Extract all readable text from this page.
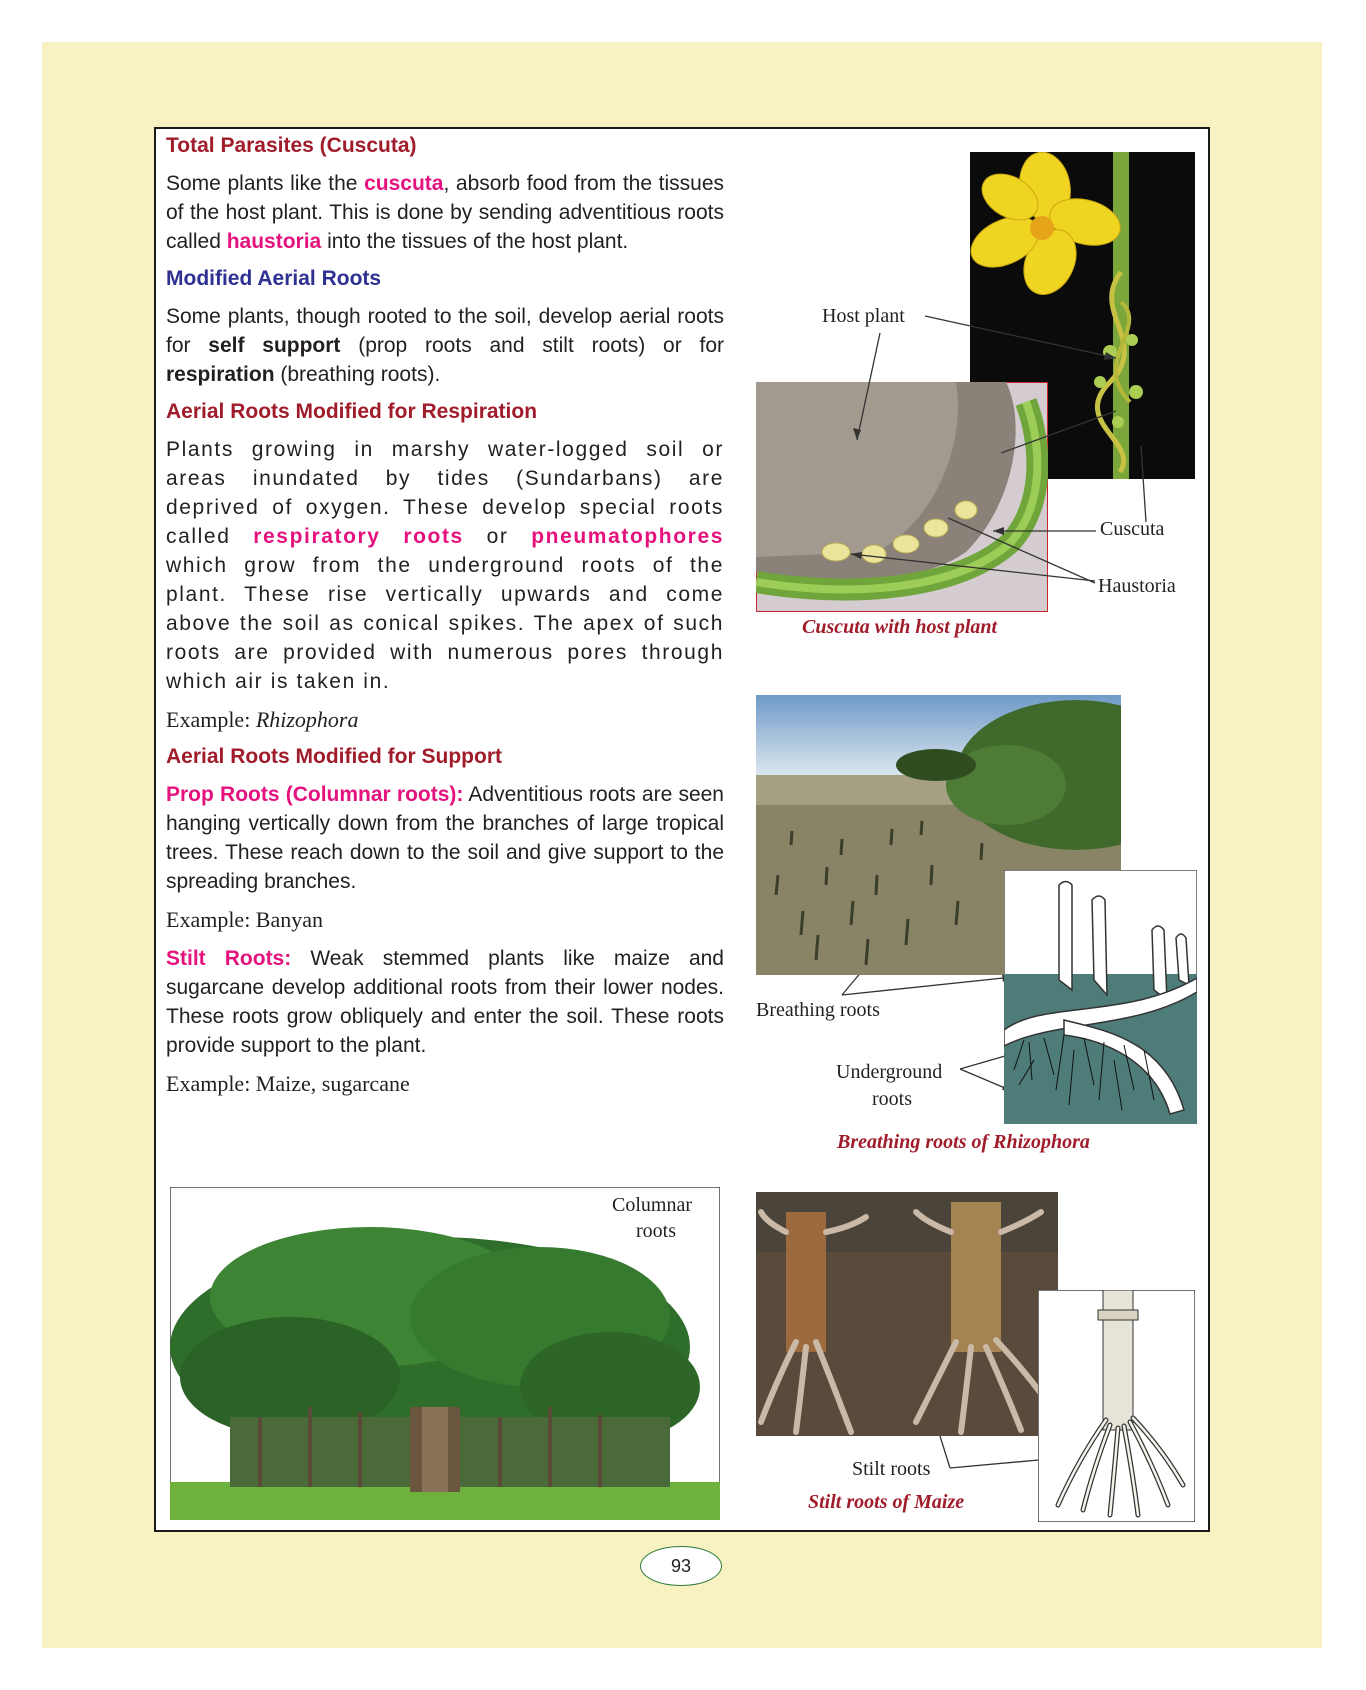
Total Parasites (Cuscuta)

Some plants like the cuscuta, absorb food from the tissues of the host plant. This is done by sending adventitious roots called haustoria into the tissues of the host plant.

Modified Aerial Roots

Some plants, though rooted to the soil, develop aerial roots for self support (prop roots and stilt roots) or for respiration (breathing roots).

Aerial Roots Modified for Respiration

Plants growing in marshy water-logged soil or areas inundated by tides (Sundarbans) are deprived of oxygen. These develop special roots called respiratory roots or pneumatophores which grow from the underground roots of the plant. These rise vertically upwards and come above the soil as conical spikes. The apex of such roots are provided with numerous pores through which air is taken in.

Example: Rhizophora

Aerial Roots Modified for Support

Prop Roots (Columnar roots): Adventitious roots are seen hanging vertically down from the branches of large tropical trees. These reach down to the soil and give support to the spreading branches.

Example: Banyan

Stilt Roots: Weak stemmed plants like maize and sugarcane develop additional roots from their lower nodes. These roots grow obliquely and enter the soil. These roots provide support to the plant.

Example: Maize, sugarcane

Host plant
Cuscuta
Haustoria
Cuscuta with host plant
Breathing roots
Underground
roots
Breathing roots of Rhizophora
Columnar
roots
Stilt roots
Stilt roots of Maize
93
